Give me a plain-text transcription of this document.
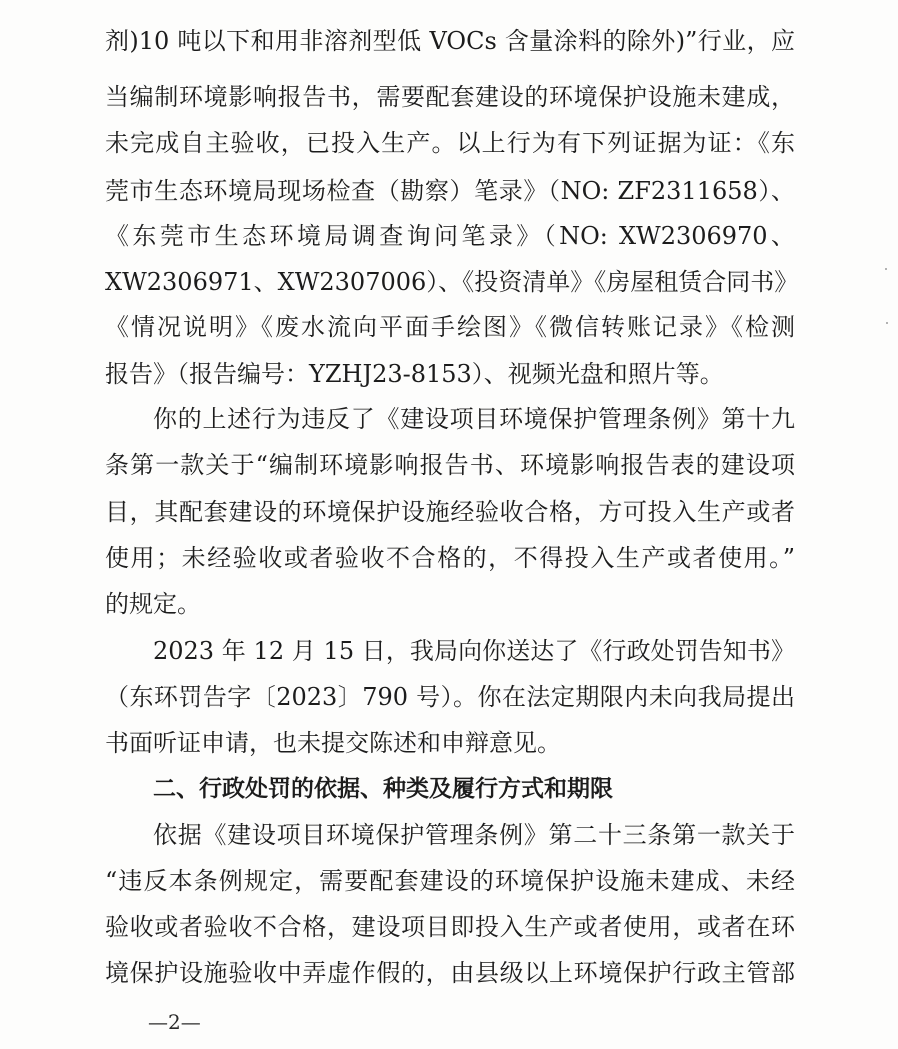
剂)10 吨以下和用非溶剂型低 VOCs 含量涂料的除外)”行业，应
当编制环境影响报告书，需要配套建设的环境保护设施未建成，
未完成自主验收，已投入生产。以上行为有下列证据为证：《东
莞市生态环境局现场检查（勘察）笔录》（NO: ZF2311658）、
《东莞市生态环境局调查询问笔录》（NO: XW2306970、
XW2306971、XW2307006）、《投资清单》《房屋租赁合同书》
《情况说明》《废水流向平面手绘图》《微信转账记录》《检测
报告》（报告编号：YZHJ23-8153）、视频光盘和照片等。
你的上述行为违反了《建设项目环境保护管理条例》第十九
条第一款关于“编制环境影响报告书、环境影响报告表的建设项
目，其配套建设的环境保护设施经验收合格，方可投入生产或者
使用；未经验收或者验收不合格的，不得投入生产或者使用。”
的规定。
2023 年 12 月 15 日，我局向你送达了《行政处罚告知书》
（东环罚告字〔2023〕790 号）。你在法定期限内未向我局提出
书面听证申请，也未提交陈述和申辩意见。
二、行政处罚的依据、种类及履行方式和期限
依据《建设项目环境保护管理条例》第二十三条第一款关于
“违反本条例规定，需要配套建设的环境保护设施未建成、未经
验收或者验收不合格，建设项目即投入生产或者使用，或者在环
境保护设施验收中弄虚作假的，由县级以上环境保护行政主管部
—2—
